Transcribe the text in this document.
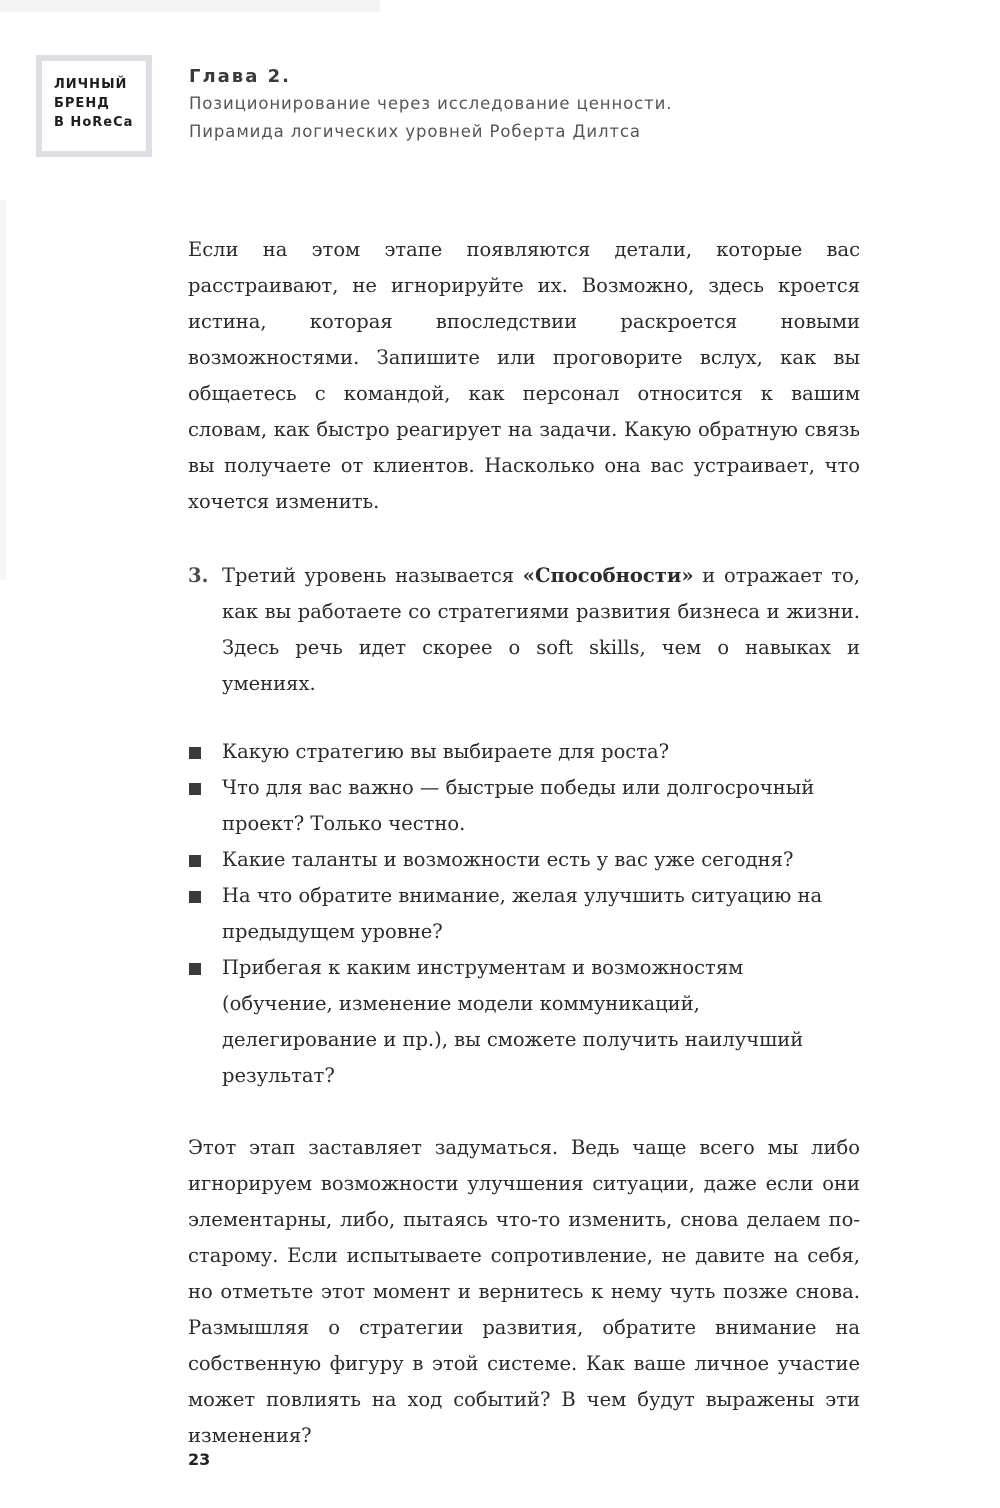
ЛИЧНЫЙ
БРЕНД
В HoReCa
Глава 2.
Позиционирование через исследование ценности.
Пирамида логических уровней Роберта Дилтса

Если на этом этапе появляются детали, которые вас расстраивают, не игнорируйте их. Возможно, здесь кроется истина, которая впоследствии раскроется новыми возможностями. Запишите или проговорите вслух, как вы общаетесь с командой, как персонал относится к вашим словам, как быстро реагирует на задачи. Какую обратную связь вы получаете от клиентов. Насколько она вас устраивает, что хочется изменить.

3. Третий уровень называется «Способности» и отражает то, как вы работаете со стратегиями развития бизнеса и жизни. Здесь речь идет скорее о soft skills, чем о навыках и умениях.
Какую стратегию вы выбираете для роста?
Что для вас важно — быстрые победы или долгосрочный проект? Только честно.
Какие таланты и возможности есть у вас уже сегодня?
На что обратите внимание, желая улучшить ситуацию на предыдущем уровне?
Прибегая к каким инструментам и возможностям (обучение, изменение модели коммуникаций, делегирование и пр.), вы сможете получить наилучший результат?

Этот этап заставляет задуматься. Ведь чаще всего мы либо игнорируем возможности улучшения ситуации, даже если они элементарны, либо, пытаясь что-то изменить, снова делаем по-старому. Если испытываете сопротивление, не давите на себя, но отметьте этот момент и вернитесь к нему чуть позже снова. Размышляя о стратегии развития, обратите внимание на собственную фигуру в этой системе. Как ваше личное участие может повлиять на ход событий? В чем будут выражены эти изменения?

23
